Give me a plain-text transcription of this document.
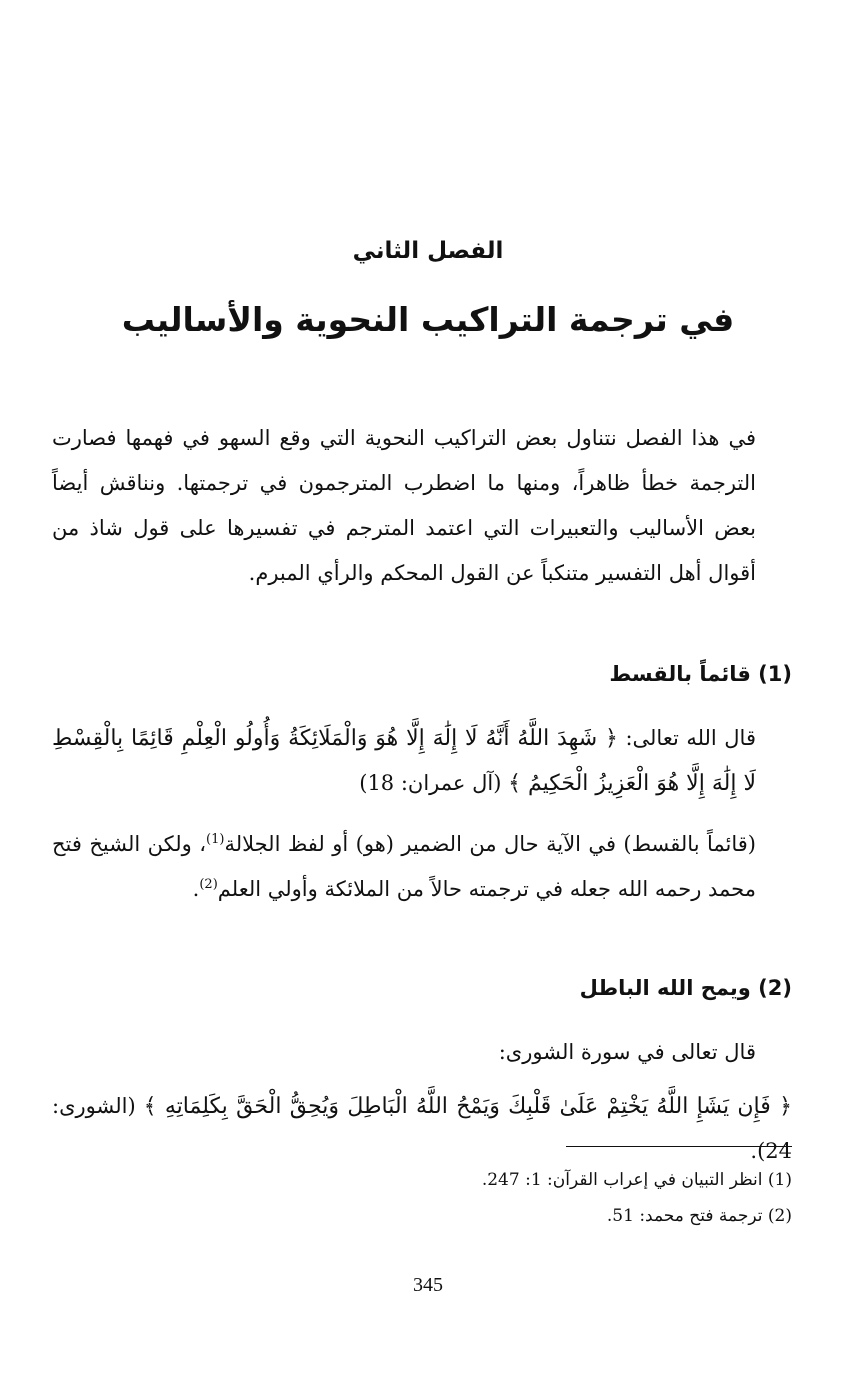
الفصل الثاني
في ترجمة التراكيب النحوية والأساليب
في هذا الفصل نتناول بعض التراكيب النحوية التي وقع السهو في فهمها فصارت الترجمة خطأ ظاهراً، ومنها ما اضطرب المترجمون في ترجمتها. ونناقش أيضاً بعض الأساليب والتعبيرات التي اعتمد المترجم في تفسيرها على قول شاذ من أقوال أهل التفسير متنكباً عن القول المحكم والرأي المبرم.
(1) قائماً بالقسط
قال الله تعالى: ﴿ شَهِدَ اللَّهُ أَنَّهُ لَا إِلَٰهَ إِلَّا هُوَ وَالْمَلَائِكَةُ وَأُولُو الْعِلْمِ قَائِمًا بِالْقِسْطِ لَا إِلَٰهَ إِلَّا هُوَ الْعَزِيزُ الْحَكِيمُ ﴾ (آل عمران: 18)
(قائماً بالقسط) في الآية حال من الضمير (هو) أو لفظ الجلالة$^{(1)}$، ولكن الشيخ فتح محمد رحمه الله جعله في ترجمته حالاً من الملائكة وأولي العلم$^{(2)}$.
(2) ويمح الله الباطل
قال تعالى في سورة الشورى:
﴿ فَإِن يَشَإِ اللَّهُ يَخْتِمْ عَلَىٰ قَلْبِكَ وَيَمْحُ اللَّهُ الْبَاطِلَ وَيُحِقُّ الْحَقَّ بِكَلِمَاتِهِ ﴾ (الشورى: 24).
(1) انظر التبيان في إعراب القرآن: 1: 247.
(2) ترجمة فتح محمد: 51.
345
